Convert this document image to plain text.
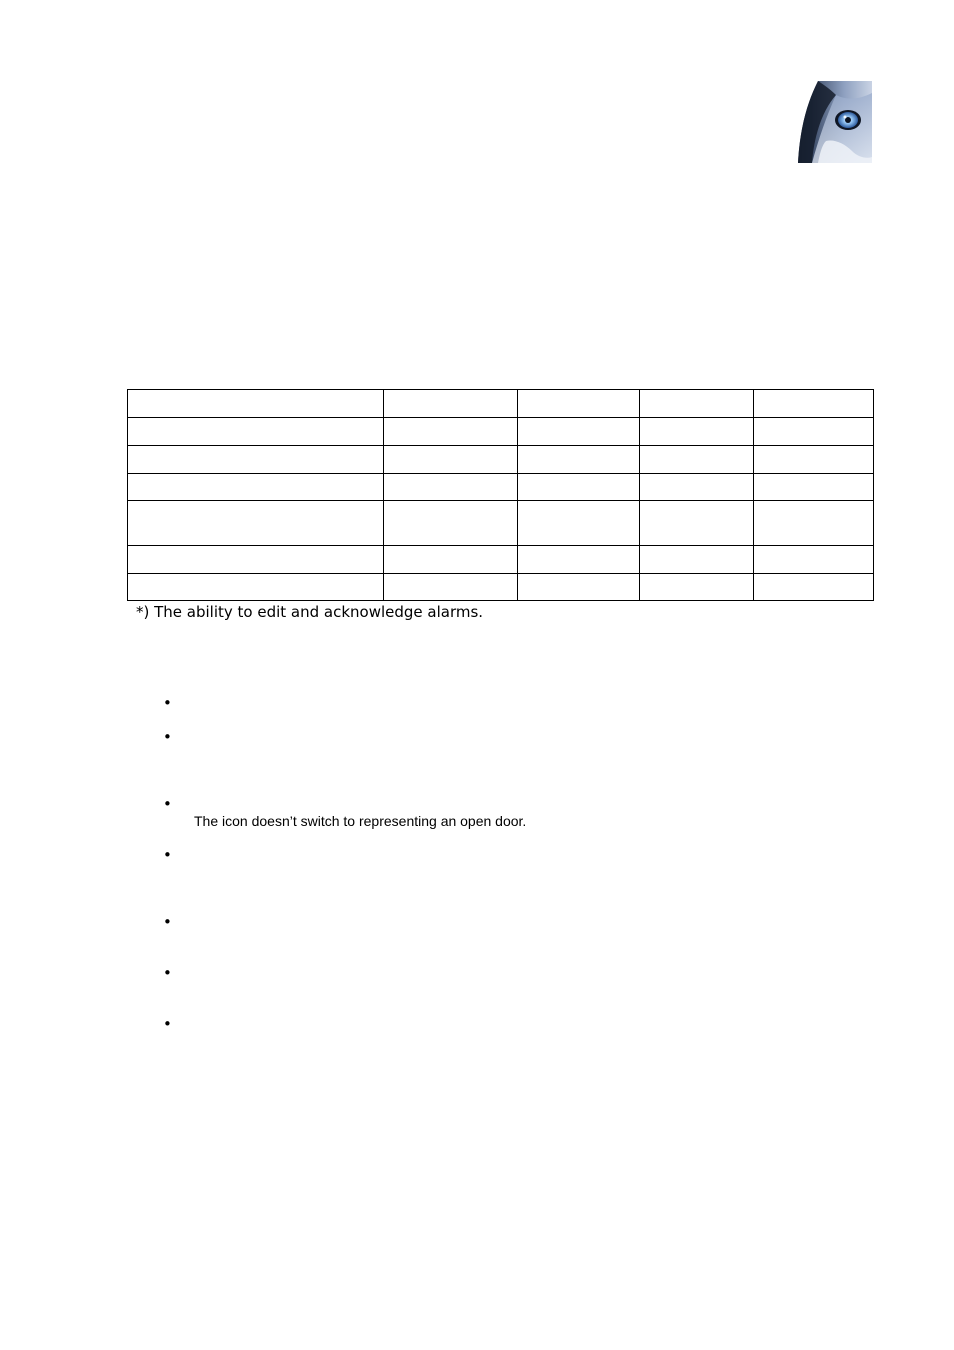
*) The ability to edit and acknowledge alarms.
•
•
•
The icon doesn’t switch to representing an open door.
•
•
•
•
